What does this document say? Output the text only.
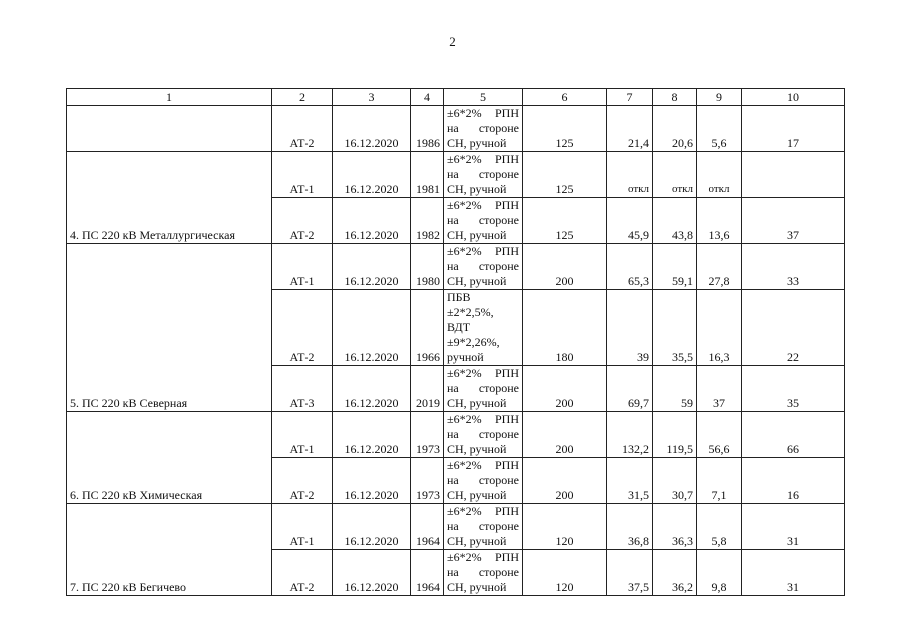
2
1	2	3	4	5	6	7	8	9	10
	АТ-2	16.12.2020	1986	±6*2% РПН
на стороне
СН, ручной	125	21,4	20,6	5,6	17
4. ПС 220 кВ Металлургическая	АТ-1	16.12.2020	1981	±6*2% РПН
на стороне
СН, ручной	125	откл	откл	откл	
	АТ-2	16.12.2020	1982	±6*2% РПН
на стороне
СН, ручной	125	45,9	43,8	13,6	37
5. ПС 220 кВ Северная	АТ-1	16.12.2020	1980	±6*2% РПН
на стороне
СН, ручной	200	65,3	59,1	27,8	33
	АТ-2	16.12.2020	1966	ПБВ
±2*2,5%,
ВДТ
±9*2,26%,
ручной	180	39	35,5	16,3	22
	АТ-3	16.12.2020	2019	±6*2% РПН
на стороне
СН, ручной	200	69,7	59	37	35
6. ПС 220 кВ Химическая	АТ-1	16.12.2020	1973	±6*2% РПН
на стороне
СН, ручной	200	132,2	119,5	56,6	66
	АТ-2	16.12.2020	1973	±6*2% РПН
на стороне
СН, ручной	200	31,5	30,7	7,1	16
7. ПС 220 кВ Бегичево	АТ-1	16.12.2020	1964	±6*2% РПН
на стороне
СН, ручной	120	36,8	36,3	5,8	31
	АТ-2	16.12.2020	1964	±6*2% РПН
на стороне
СН, ручной	120	37,5	36,2	9,8	31
